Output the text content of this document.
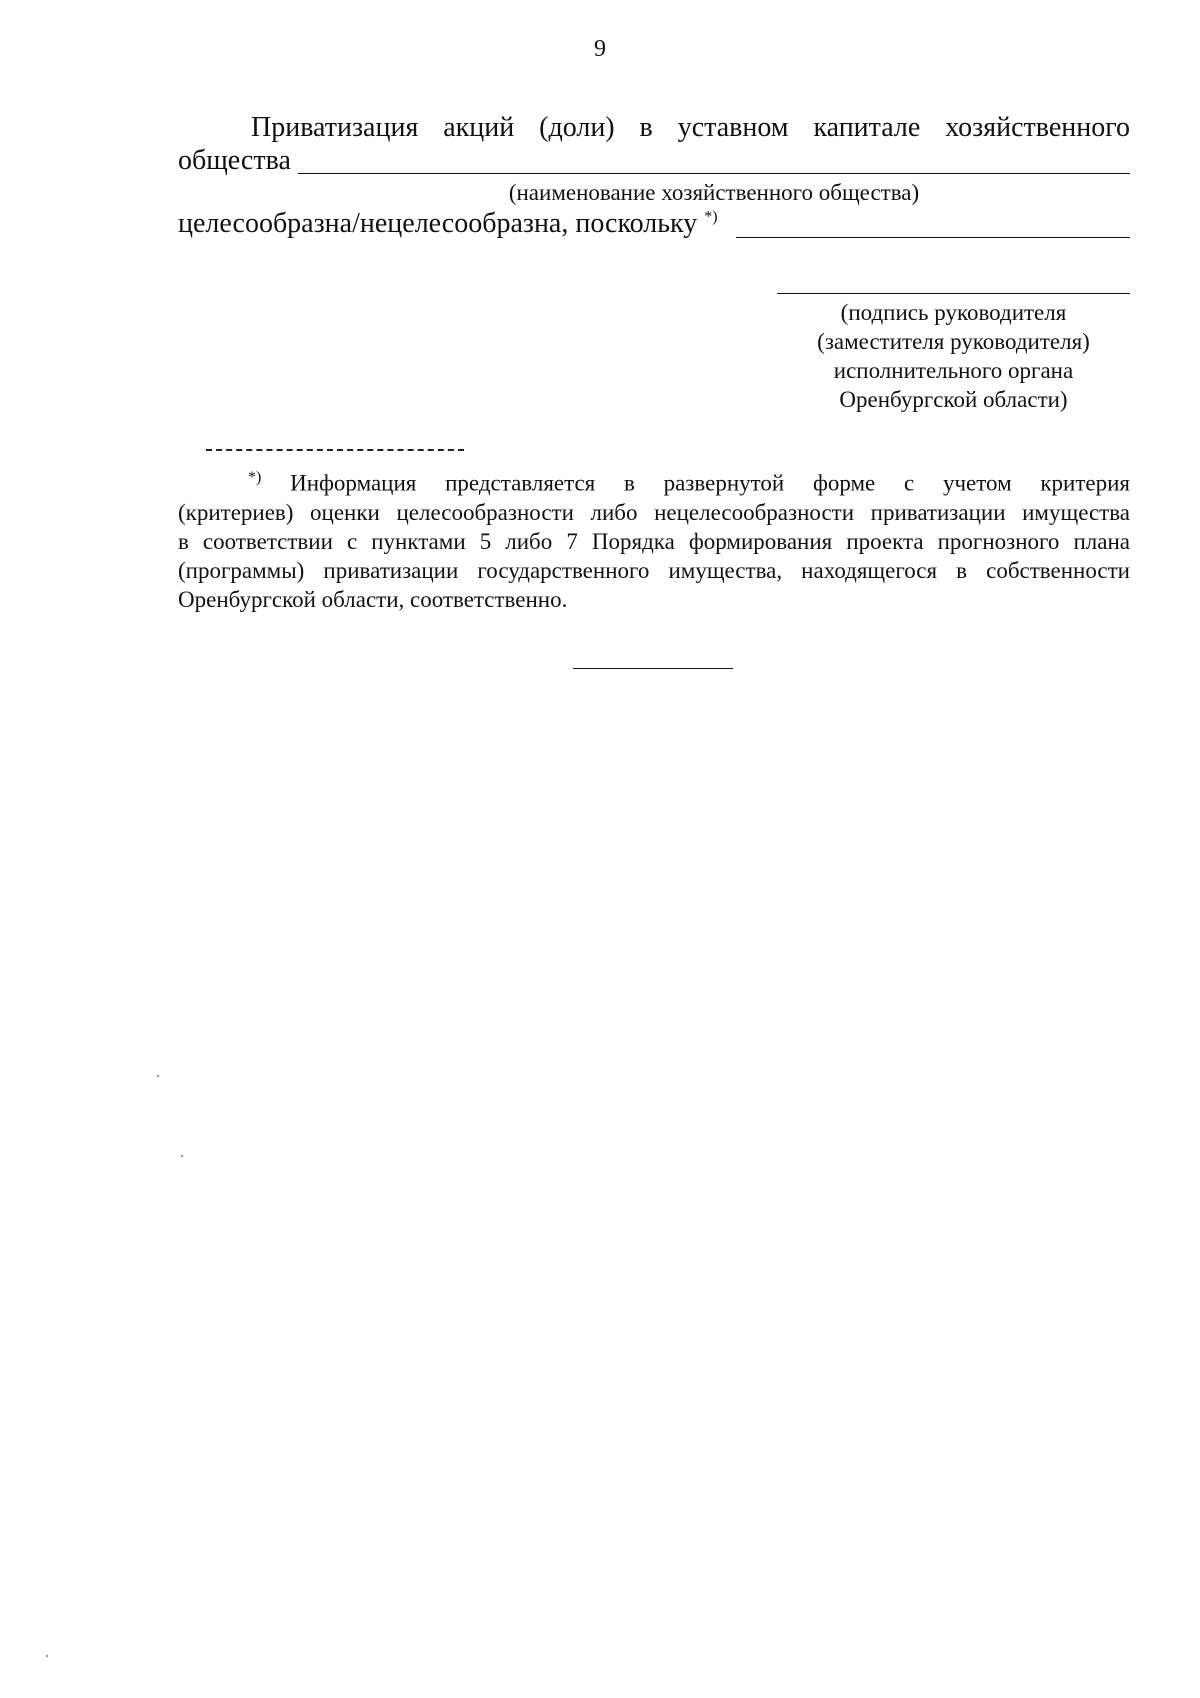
9
Приватизация акций (доли) в уставном капитале хозяйственного
общества
(наименование хозяйственного общества)
целесообразна/нецелесообразна, поскольку *)
(подпись руководителя
(заместителя руководителя)
исполнительного органа
Оренбургской области)
*) Информация представляется в развернутой форме с учетом критерия
(критериев) оценки целесообразности либо нецелесообразности приватизации имущества
в соответствии с пунктами 5 либо 7 Порядка формирования проекта прогнозного плана
(программы) приватизации государственного имущества, находящегося в собственности
Оренбургской области, соответственно.
